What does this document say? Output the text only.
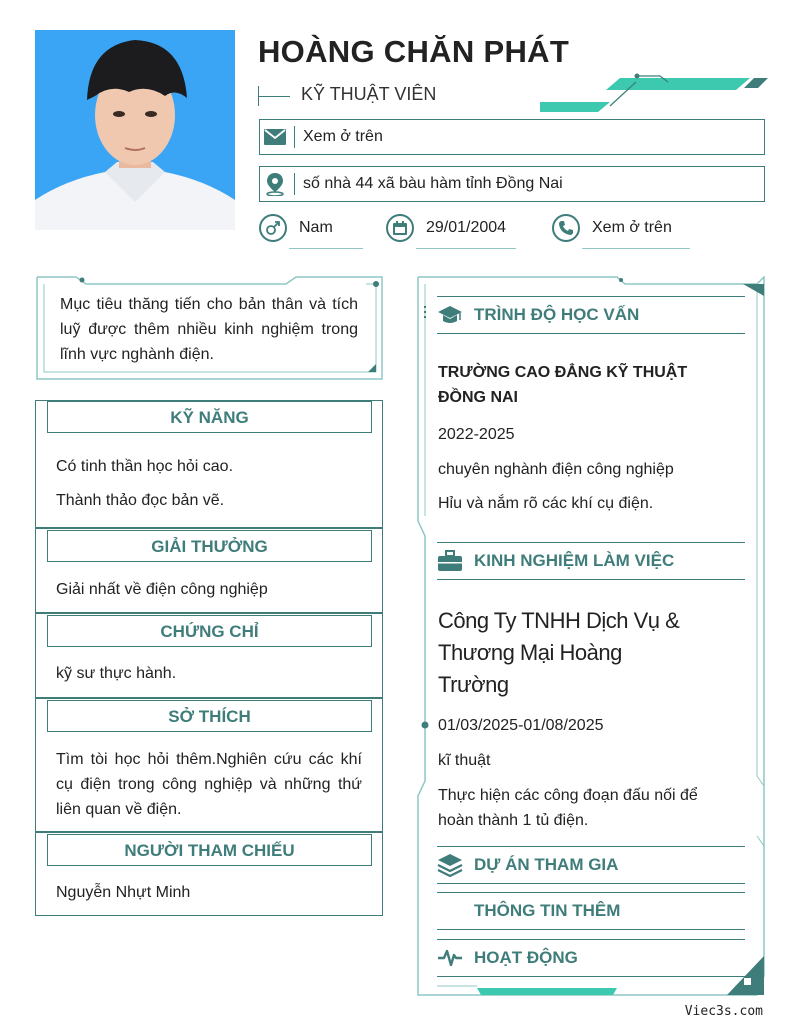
HOÀNG CHĂN PHÁT
KỸ THUẬT VIÊN
Xem ở trên
số nhà 44 xã bàu hàm tỉnh Đồng Nai
Nam	29/01/2004	Xem ở trên
Mục tiêu thăng tiến cho bản thân và tích luỹ được thêm nhiều kinh nghiệm trong lĩnh vực nghành điện.
KỸ NĂNG
Có tinh thần học hỏi cao.
Thành thảo đọc bản vẽ.
GIẢI THƯỞNG
Giải nhất về điện công nghiệp
CHỨNG CHỈ
kỹ sư thực hành.
SỞ THÍCH
Tìm tòi học hỏi thêm.Nghiên cứu các khí cụ điện trong công nghiệp và những thứ liên quan về điện.
NGƯỜI THAM CHIẾU
Nguyễn Nhựt Minh
TRÌNH ĐỘ HỌC VẤN
TRƯỜNG CAO ĐẲNG KỸ THUẬT ĐỒNG NAI
2022-2025
chuyên nghành điện công nghiệp
Hỉu và nắm rõ các khí cụ điện.
KINH NGHIỆM LÀM VIỆC
Công Ty TNHH Dịch Vụ & Thương Mại Hoàng Trường
01/03/2025-01/08/2025
kĩ thuật
Thực hiện các công đoạn đấu nối để hoàn thành 1 tủ điện.
DỰ ÁN THAM GIA
THÔNG TIN THÊM
HOẠT ĐỘNG
Viec3s.com
